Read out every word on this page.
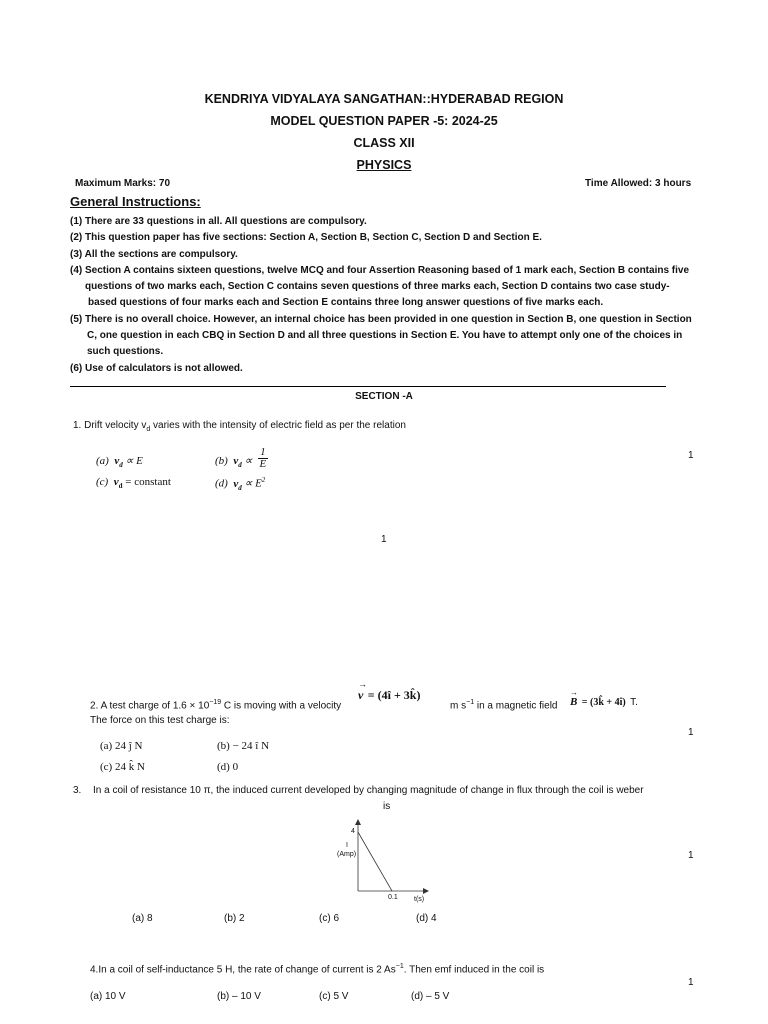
KENDRIYA VIDYALAYA SANGATHAN::HYDERABAD REGION
MODEL QUESTION PAPER -5: 2024-25
CLASS XII
PHYSICS
Maximum Marks: 70	Time Allowed: 3 hours
General Instructions:
(1) There are 33 questions in all. All questions are compulsory.
(2) This question paper has five sections: Section A, Section B, Section C, Section D and Section E.
(3) All the sections are compulsory.
(4) Section A contains sixteen questions, twelve MCQ and four Assertion Reasoning based of 1 mark each, Section B contains five
questions of two marks each, Section C contains seven questions of three marks each, Section D contains two case study-
based questions of four marks each and Section E contains three long answer questions of five marks each.
(5) There is no overall choice. However, an internal choice has been provided in one question in Section B, one question in Section
C, one question in each CBQ in Section D and all three questions in Section E. You have to attempt only one of the choices in
such questions.
(6) Use of calculators is not allowed.
SECTION -A
1. Drift velocity $v_d$ varies with the intensity of electric field as per the relation
(a) $v_d \propto E$	(b) $v_d \propto \frac{1}{E}$
(c) $v_d$ = constant	(d) $v_d \propto E^2$
1
1
2. A test charge of $1.6 \times 10^{-19}$ C is moving with a velocity
→
v = (4î + 3k̂)
m $s^{-1}$ in a magnetic field
→
B = (3k̂ + 4î) T.
The force on this test charge is:
(a) 24 ĵ N	(b) − 24 î N
(c) 24 k̂ N	(d) 0
1
3. In a coil of resistance 10 π, the induced current developed by changing magnitude of change in flux through the coil is weber
is
4
I
(Amp)
0.1 t(s)
(a) 8	(b) 2	(c) 6	(d) 4
1
4.In a coil of self-inductance 5 H, the rate of change of current is 2 $As^{-1}$. Then emf induced in the coil is
(a) 10 V	(b) – 10 V	(c) 5 V	(d) – 5 V
1
